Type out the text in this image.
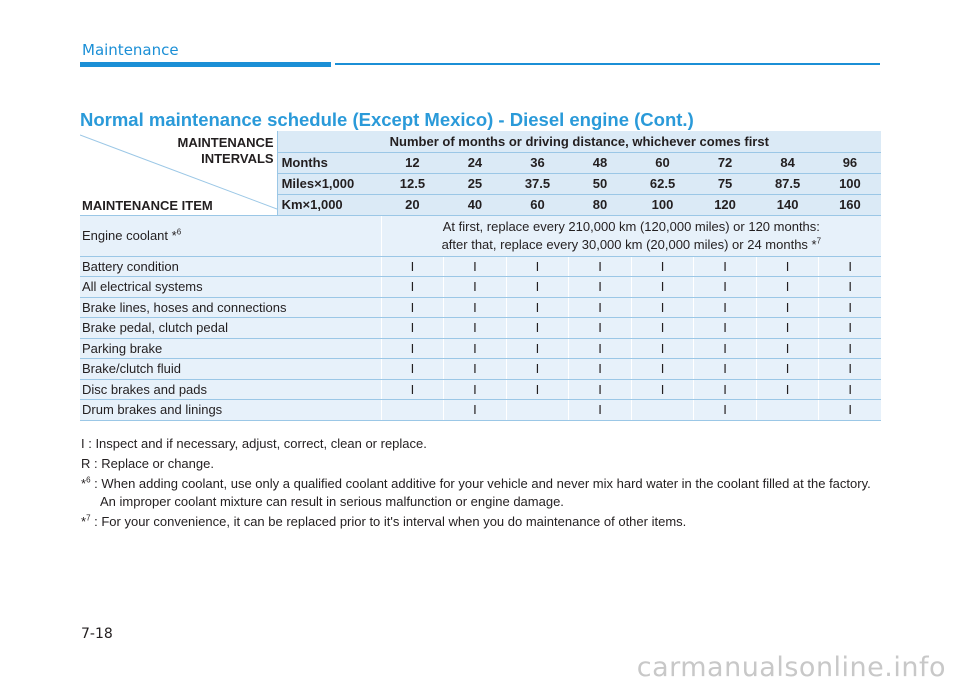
Maintenance
Normal maintenance schedule (Except Mexico) - Diesel engine (Cont.)
MAINTENANCE
INTERVALS
MAINTENANCE ITEM	Number of months or driving distance, whichever comes first								
	Months	12	24	36	48	60	72	84	96
	Miles×1,000	12.5	25	37.5	50	62.5	75	87.5	100
	Km×1,000	20	40	60	80	100	120	140	160
Engine coolant *$^6$		At first, replace every 210,000 km (120,000 miles) or 120 months:
after that, replace every 30,000 km (20,000 miles) or 24 months *$^7$

Battery condition		I	I	I	I	I	I	I	I
All electrical systems		I	I	I	I	I	I	I	I
Brake lines, hoses and connections		I	I	I	I	I	I	I	I
Brake pedal, clutch pedal		I	I	I	I	I	I	I	I
Parking brake		I	I	I	I	I	I	I	I
Brake/clutch fluid		I	I	I	I	I	I	I	I
Disc brakes and pads		I	I	I	I	I	I	I	I
Drum brakes and linings			I		I		I		I
I : Inspect and if necessary, adjust, correct, clean or replace.
R : Replace or change.
*$^6$ : When adding coolant, use only a qualified coolant additive for your vehicle and never mix hard water in the coolant filled at the factory. An improper coolant mixture can result in serious malfunction or engine damage.
*$^7$ : For your convenience, it can be replaced prior to it's interval when you do maintenance of other items.
7-18
carmanualsonline.info
